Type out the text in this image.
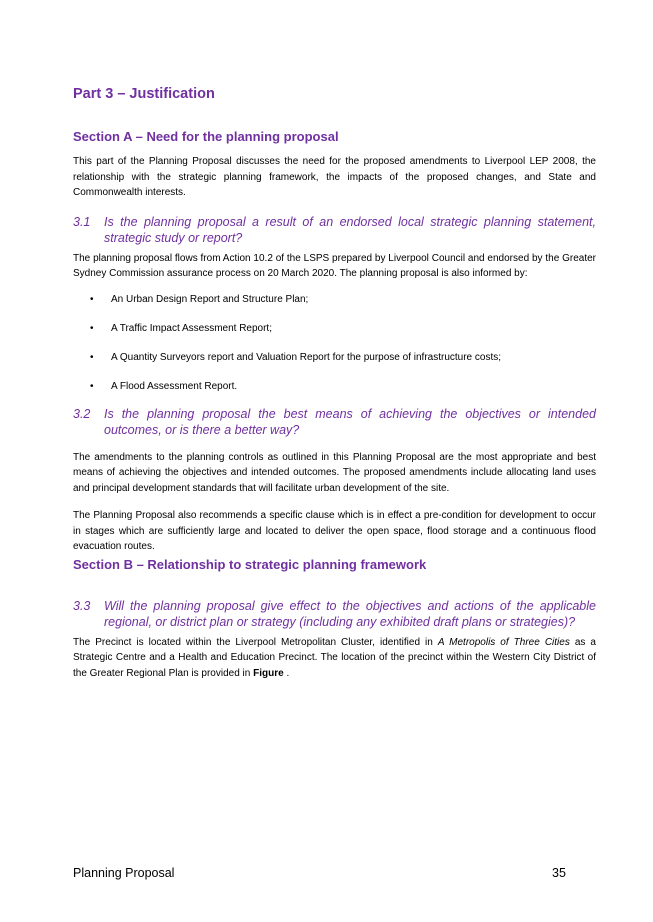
Part 3 – Justification
Section A – Need for the planning proposal

This part of the Planning Proposal discusses the need for the proposed amendments to Liverpool LEP 2008, the relationship with the strategic planning framework, the impacts of the proposed changes, and State and Commonwealth interests.

3.1	Is the planning proposal a result of an endorsed local strategic planning statement, strategic study or report?

The planning proposal flows from Action 10.2 of the LSPS prepared by Liverpool Council and endorsed by the Greater Sydney Commission assurance process on 20 March 2020. The planning proposal is also informed by:

•	An Urban Design Report and Structure Plan;
•	A Traffic Impact Assessment Report;
•	A Quantity Surveyors report and Valuation Report for the purpose of infrastructure costs;
•	A Flood Assessment Report.
3.2	Is the planning proposal the best means of achieving the objectives or intended outcomes, or is there a better way?

The amendments to the planning controls as outlined in this Planning Proposal are the most appropriate and best means of achieving the objectives and intended outcomes. The proposed amendments include allocating land uses and principal development standards that will facilitate urban development of the site.

The Planning Proposal also recommends a specific clause which is in effect a pre-condition for development to occur in stages which are sufficiently large and located to deliver the open space, flood storage and a continuous flood evacuation routes.

Section B – Relationship to strategic planning framework
3.3	Will the planning proposal give effect to the objectives and actions of the applicable regional, or district plan or strategy (including any exhibited draft plans or strategies)?

The Precinct is located within the Liverpool Metropolitan Cluster, identified in A Metropolis of Three Cities as a Strategic Centre and a Health and Education Precinct. The location of the precinct within the Western City District of the Greater Regional Plan is provided in Figure .

Planning Proposal	35
